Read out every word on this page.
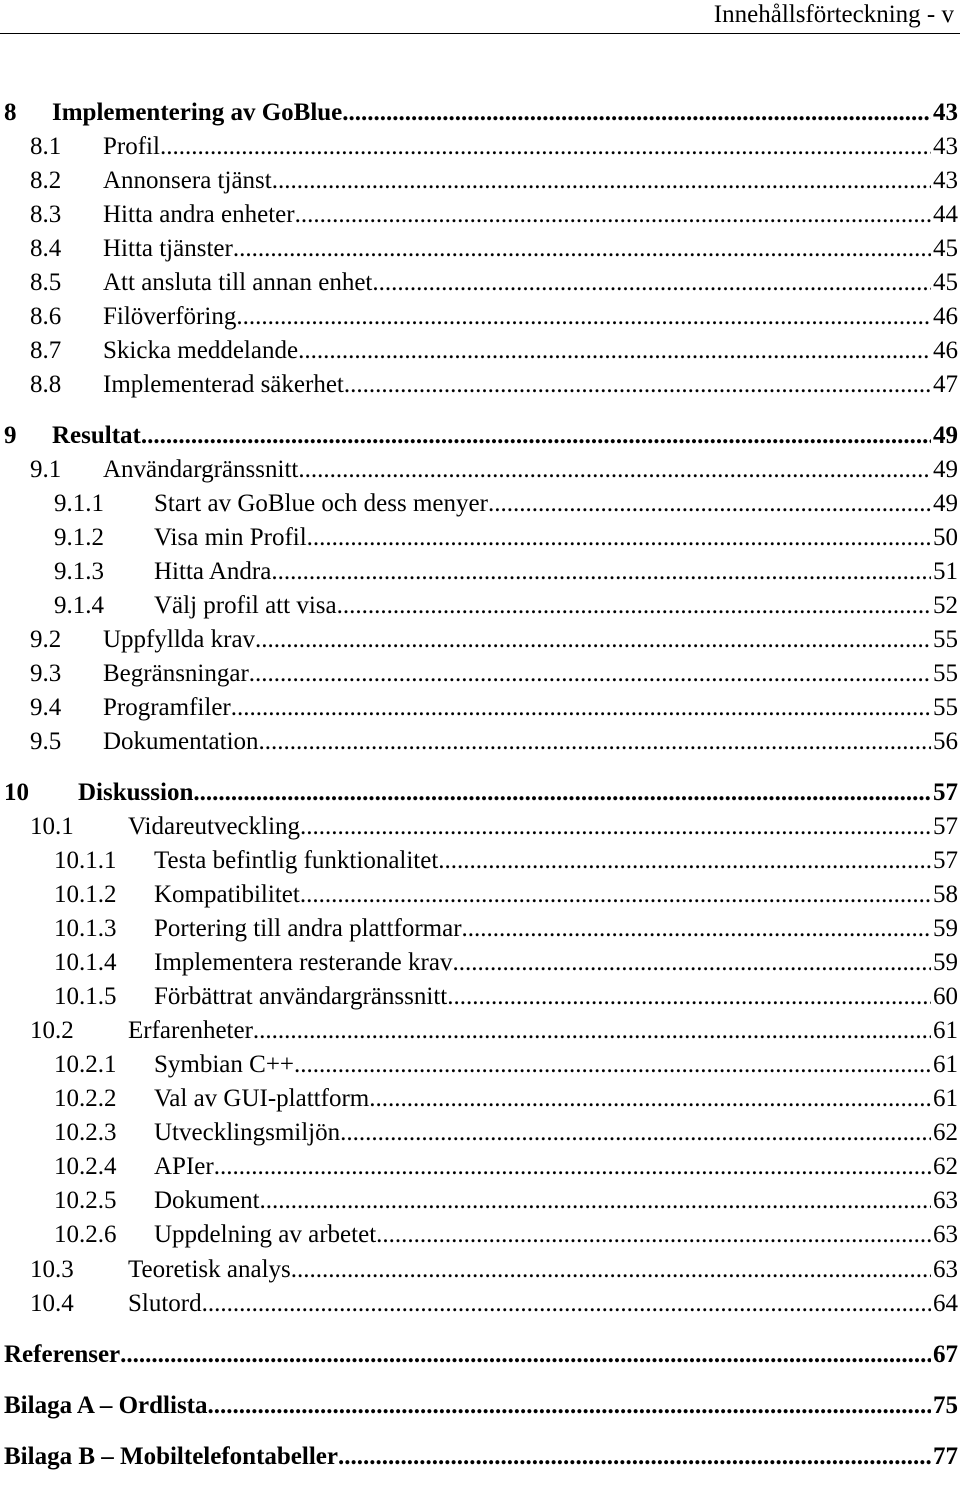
Innehållsförteckning - v
8	Implementering av GoBlue .....	43
8.1	Profil .....	43
8.2	Annonsera tjänst .....	43
8.3	Hitta andra enheter .....	44
8.4	Hitta tjänster .....	45
8.5	Att ansluta till annan enhet .....	45
8.6	Filöverföring .....	46
8.7	Skicka meddelande .....	46
8.8	Implementerad säkerhet .....	47
9	Resultat .....	49
9.1	Användargränssnitt .....	49
9.1.1	Start av GoBlue och dess menyer .....	49
9.1.2	Visa min Profil .....	50
9.1.3	Hitta Andra .....	51
9.1.4	Välj profil att visa .....	52
9.2	Uppfyllda krav .....	55
9.3	Begränsningar .....	55
9.4	Programfiler .....	55
9.5	Dokumentation .....	56
10	Diskussion .....	57
10.1	Vidareutveckling .....	57
10.1.1	Testa befintlig funktionalitet .....	57
10.1.2	Kompatibilitet .....	58
10.1.3	Portering till andra plattformar .....	59
10.1.4	Implementera resterande krav .....	59
10.1.5	Förbättrat användargränssnitt .....	60
10.2	Erfarenheter .....	61
10.2.1	Symbian C++ .....	61
10.2.2	Val av GUI-plattform .....	61
10.2.3	Utvecklingsmiljön .....	62
10.2.4	APIer .....	62
10.2.5	Dokument .....	63
10.2.6	Uppdelning av arbetet .....	63
10.3	Teoretisk analys .....	63
10.4	Slutord .....	64
Referenser .....	67
Bilaga A – Ordlista .....	75
Bilaga B – Mobiltelefontabeller .....	77
